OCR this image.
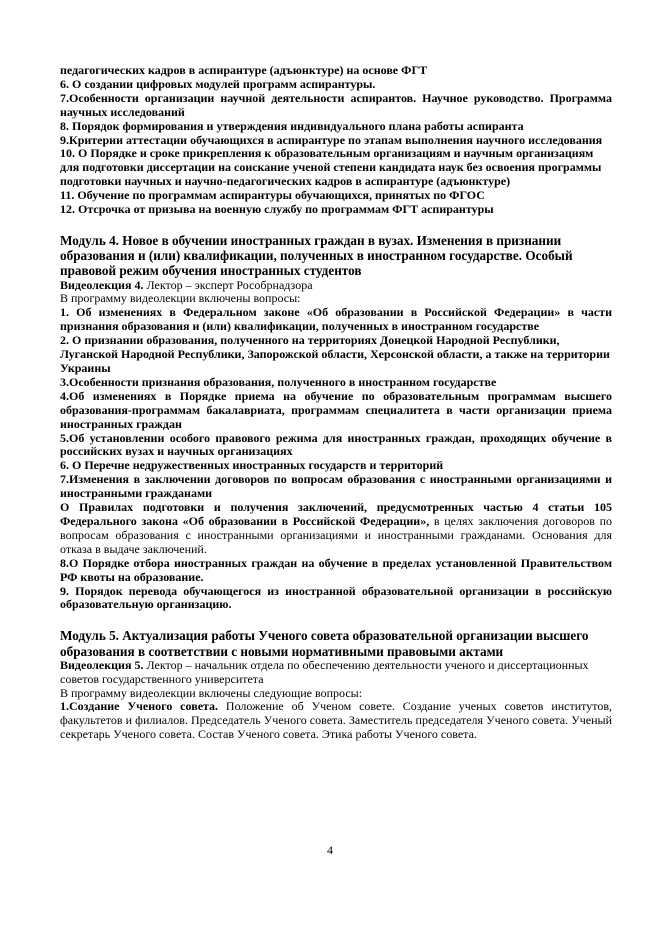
педагогических кадров в аспирантуре (адъюнктуре) на основе ФГТ

6. О создании цифровых модулей программ аспирантуры.

7.Особенности организации научной деятельности аспирантов. Научное руководство. Программа научных исследований

8. Порядок формирования и утверждения индивидуального плана работы аспиранта

9.Критерии аттестации обучающихся в аспирантуре по этапам выполнения научного исследования

10. О Порядке и сроке прикрепления к образовательным организациям и научным организациям для подготовки диссертации на соискание ученой степени кандидата наук без освоения программы подготовки научных и научно-педагогических кадров в аспирантуре (адъюнктуре)

11. Обучение по программам аспирантуры обучающихся, принятых по ФГОС

12. Отсрочка от призыва на военную службу по программам ФГТ аспирантуры

Модуль 4. Новое в обучении иностранных граждан в вузах. Изменения в признании образования и (или) квалификации, полученных в иностранном государстве. Особый правовой режим обучения иностранных студентов

Видеолекция 4. Лектор – эксперт Рособрнадзора

В программу видеолекции включены вопросы:

1. Об изменениях в Федеральном законе «Об образовании в Российской Федерации» в части признания образования и (или) квалификации, полученных в иностранном государстве

2. О признании образования, полученного на территориях Донецкой Народной Республики, Луганской Народной Республики, Запорожской области, Херсонской области, а также на территории Украины

3.Особенности признания образования, полученного в иностранном государстве

4.Об изменениях в Порядке приема на обучение по образовательным программам высшего образования-программам бакалавриата, программам специалитета в части организации приема иностранных граждан

5.Об установлении особого правового режима для иностранных граждан, проходящих обучение в российских вузах и научных организациях

6. О Перечне недружественных иностранных государств и территорий

7.Изменения в заключении договоров по вопросам образования с иностранными организациями и иностранными гражданами

О Правилах подготовки и получения заключений, предусмотренных частью 4 статьи 105 Федерального закона «Об образовании в Российской Федерации», в целях заключения договоров по вопросам образования с иностранными организациями и иностранными гражданами. Основания для отказа в выдаче заключений.

8.О Порядке отбора иностранных граждан на обучение в пределах установленной Правительством РФ квоты на образование.

9. Порядок перевода обучающегося из иностранной образовательной организации в российскую образовательную организацию.

Модуль 5. Актуализация работы Ученого совета образовательной организации высшего образования в соответствии с новыми нормативными правовыми актами

Видеолекция 5. Лектор – начальник отдела по обеспечению деятельности ученого и диссертационных советов государственного университета

В программу видеолекции включены следующие вопросы:

1.Создание Ученого совета. Положение об Ученом совете. Создание ученых советов институтов, факультетов и филиалов. Председатель Ученого совета. Заместитель председателя Ученого совета. Ученый секретарь Ученого совета. Состав Ученого совета. Этика работы Ученого совета.

4
